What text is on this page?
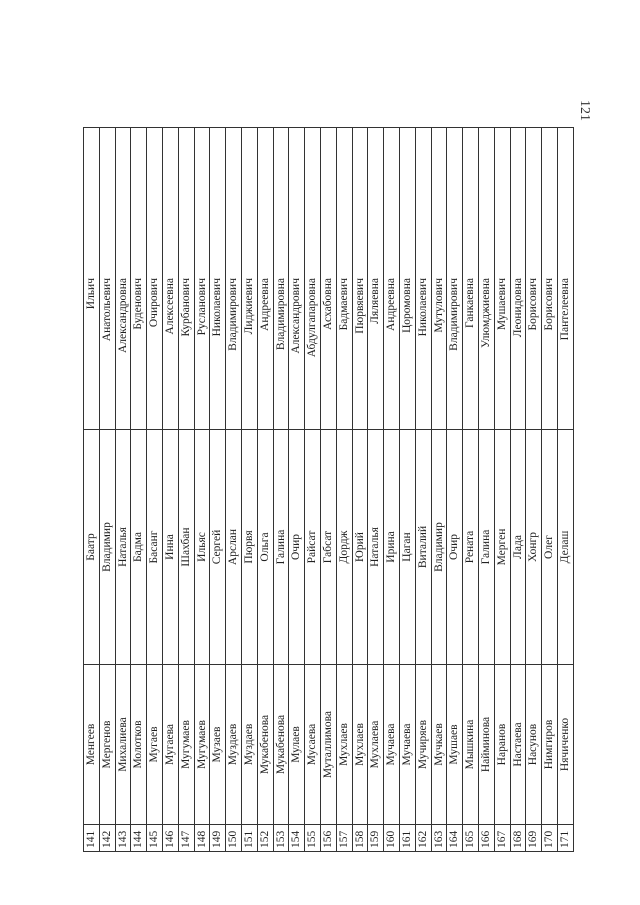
121
141	Менгеев	Баатр	Ильич
142	Мергенов	Владимир	Анатольевич
143	Михалиева	Наталья	Александровна
144	Молотков	Бадма	Буденович
145	Мугаев	Басанг	Очирович
146	Мугаева	Инна	Алексеевна
147	Мугумаев	Шахбан	Курбанович
148	Мугумаев	Ильяс	Русланович
149	Музаев	Сергей	Николаевич
150	Муздаев	Арслан	Владимирович
151	Муздаев	Пюрвя	Лиджиевич
152	Мукабенова	Ольга	Андреевна
153	Мукабенова	Галина	Владимировна
154	Мулаев	Очир	Александрович
155	Мусаева	Райсат	Абдулгапаровна
156	Муталлимова	Габсат	Асхабовна
157	Мухлаев	Дордж	Бадмаевич
158	Мухлаев	Юрий	Пюрвяевич
159	Мухлаева	Наталья	Ляляевна
160	Мучаева	Ирина	Андреевна
161	Мучаева	Цаган	Цоромовна
162	Мучиряев	Виталий	Николаевич
163	Мучкаев	Владимир	Мутулович
164	Мушаев	Очир	Владимирович
165	Мышкина	Рената	Ганкаевна
166	Найминова	Галина	Улюмджиевна
167	Наранов	Мерген	Мушаевич
168	Настаева	Лада	Леонидовна
169	Насунов	Хонгр	Борисович
170	Нимгиров	Олег	Борисович
171	Нячиченко	Делаш	Пантелеевна
